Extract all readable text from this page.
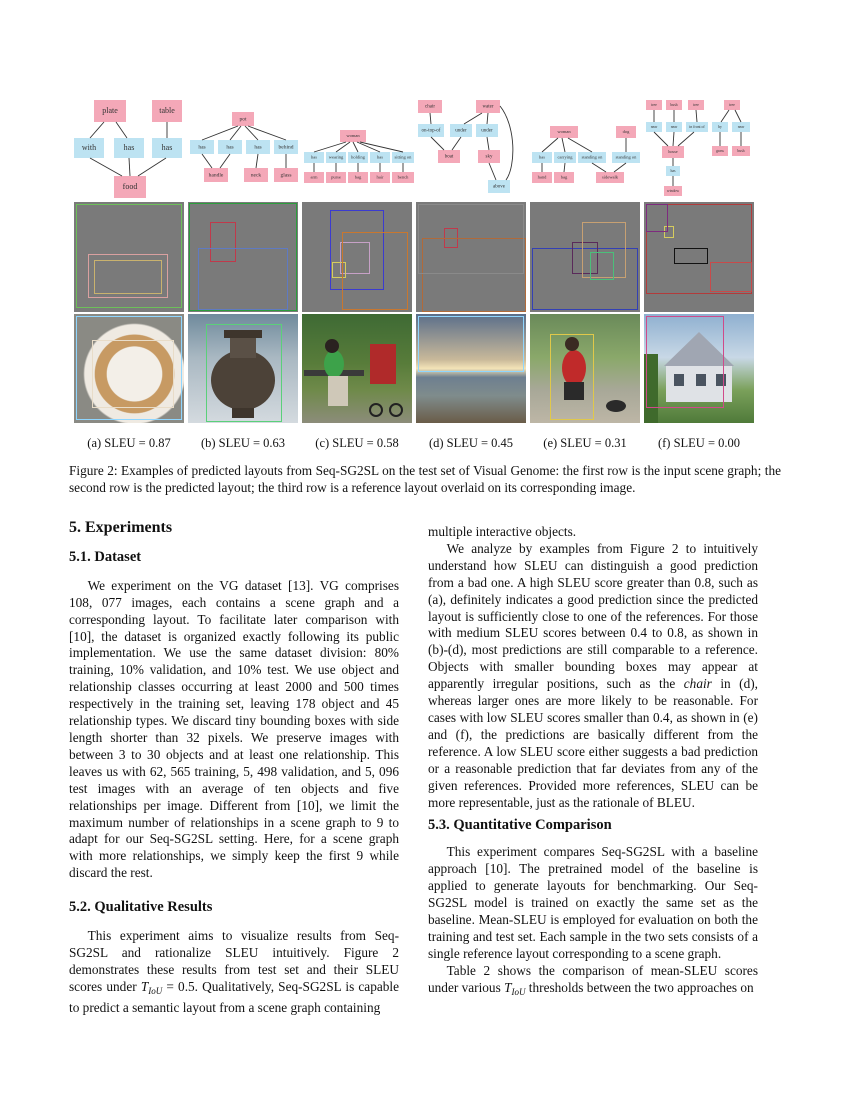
plate	table
with	has	has
food
pot
has	has	has	behind
handle	neck	glass
woman
has	wearing holding	has	sitting on
arm	purse	bag	hair	bench
chair	water
on-top-of	under	under
boat	sky
above
woman	dog
has	carrying standing on	standing on
hand	bag	sidewalk
tree	bush	tree	tree
near	near	in front of	by	near
house	grass	bush
has
window
(a) SLEU = 0.87	(b) SLEU = 0.63	(c) SLEU = 0.58	(d) SLEU = 0.45	(e) SLEU = 0.31	(f) SLEU = 0.00
Figure 2: Examples of predicted layouts from Seq-SG2SL on the test set of Visual Genome: the first row is the input scene graph; the second row is the predicted layout; the third row is a reference layout overlaid on its corresponding image.
5. Experiments
5.1. Dataset

We experiment on the VG dataset [13]. VG comprises 108, 077 images, each contains a scene graph and a corresponding layout. To facilitate later comparison with [10], the dataset is organized exactly following its public implementation. We use the same dataset division: 80% training, 10% validation, and 10% test. We use object and relationship classes occurring at least 2000 and 500 times respectively in the training set, leaving 178 object and 45 relationship types. We discard tiny bounding boxes with side length shorter than 32 pixels. We preserve images with between 3 to 30 objects and at least one relationship. This leaves us with 62, 565 training, 5, 498 validation, and 5, 096 test images with an average of ten objects and five relationships per image. Different from [10], we limit the maximum number of relationships in a scene graph to 9 to adapt for our Seq-SG2SL setting. Here, for a scene graph with more relationships, we simply keep the first 9 while discard the rest.

5.2. Qualitative Results

This experiment aims to visualize results from Seq-SG2SL and rationalize SLEU intuitively. Figure 2 demonstrates these results from test set and their SLEU scores under $T_{IoU} = 0.5$. Qualitatively, Seq-SG2SL is capable to predict a semantic layout from a scene graph containing

multiple interactive objects.

We analyze by examples from Figure 2 to intuitively understand how SLEU can distinguish a good prediction from a bad one. A high SLEU score greater than 0.8, such as (a), definitely indicates a good prediction since the predicted layout is sufficiently close to one of the references. For those with medium SLEU scores between 0.4 to 0.8, as shown in (b)-(d), most predictions are still comparable to a reference. Objects with smaller bounding boxes may appear at apparently irregular positions, such as the chair in (d), whereas larger ones are more likely to be reasonable. For cases with low SLEU scores smaller than 0.4, as shown in (e) and (f), the predictions are basically different from the reference. A low SLEU score either suggests a bad prediction or a reasonable prediction that far deviates from any of the given references. Provided more references, SLEU can be more representable, just as the rationale of BLEU.

5.3. Quantitative Comparison

This experiment compares Seq-SG2SL with a baseline approach [10]. The pretrained model of the baseline is applied to generate layouts for benchmarking. Our Seq-SG2SL model is trained on exactly the same set as the baseline. Mean-SLEU is employed for evaluation on both the training and test set. Each sample in the two sets consists of a single reference layout corresponding to a scene graph.

Table 2 shows the comparison of mean-SLEU scores under various $T_{IoU}$ thresholds between the two approaches on
